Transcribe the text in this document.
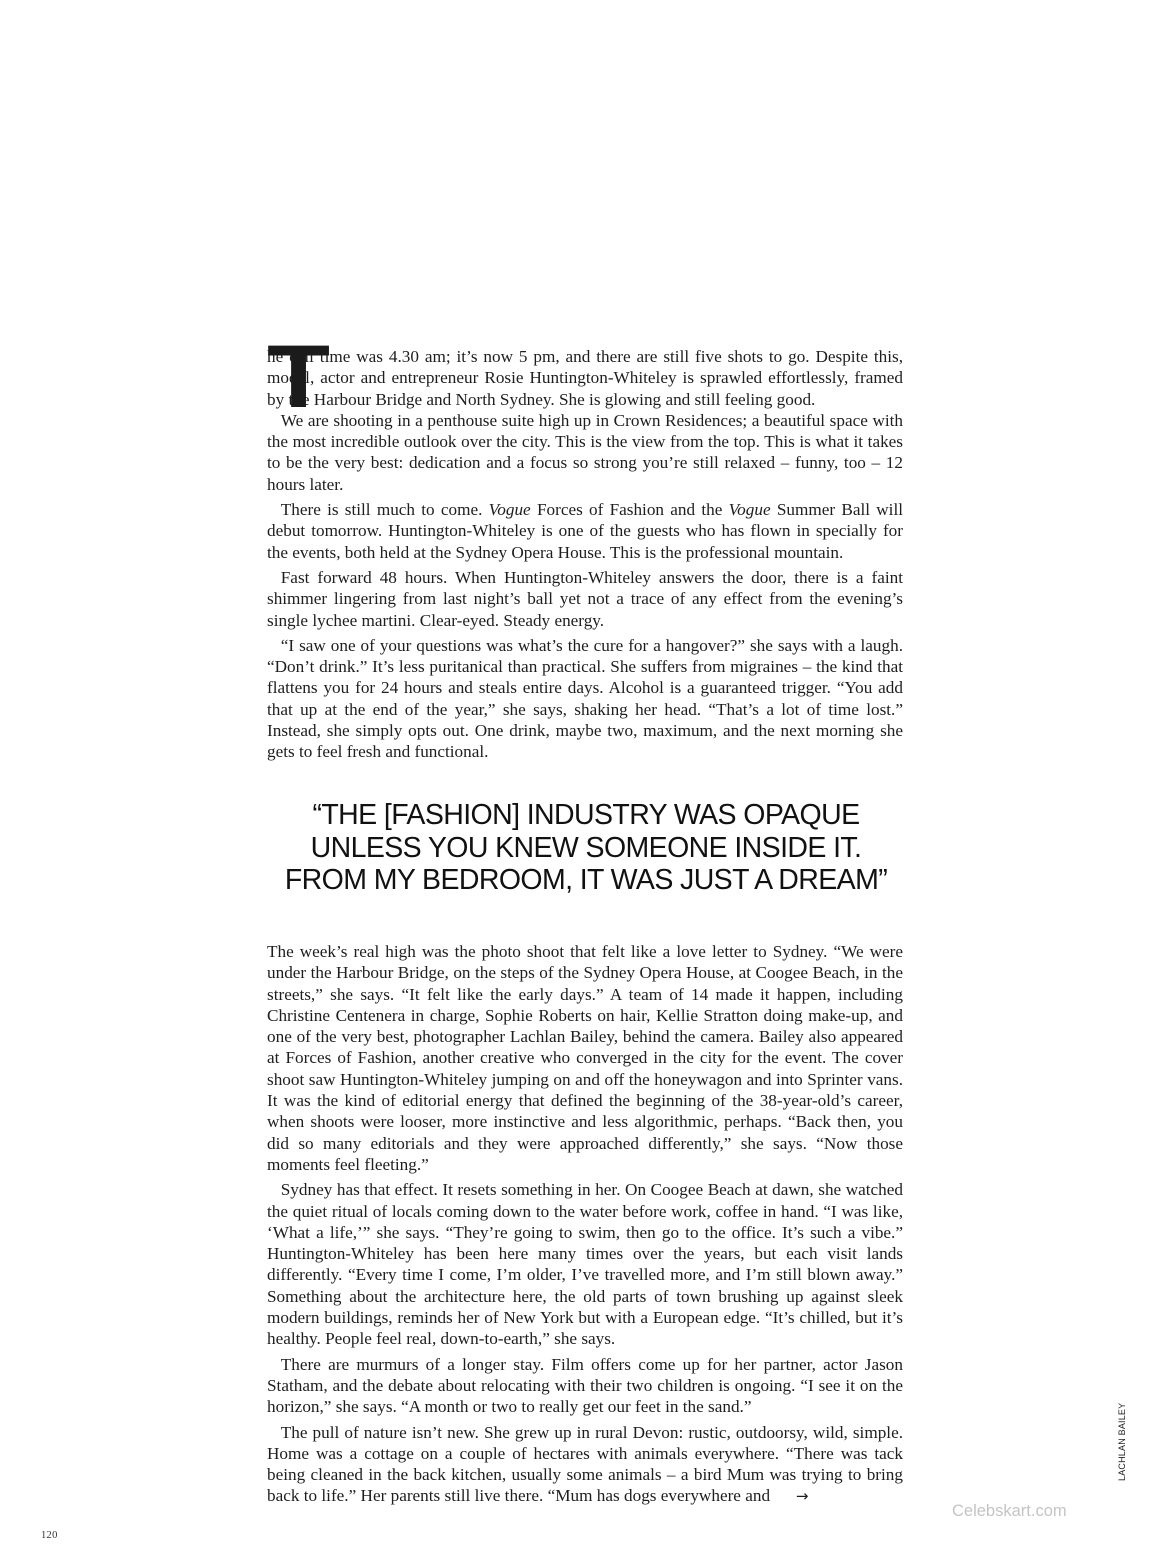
T

he call time was 4.30 am; it’s now 5 pm, and there are still five shots to go. Despite this, model, actor and entrepreneur Rosie Huntington-Whiteley is sprawled effortlessly, framed by the Harbour Bridge and North Sydney. She is glowing and still feeling good.

We are shooting in a penthouse suite high up in Crown Residences; a beautiful space with the most incredible outlook over the city. This is the view from the top. This is what it takes to be the very best: dedication and a focus so strong you’re still relaxed – funny, too – 12 hours later.

There is still much to come. Vogue Forces of Fashion and the Vogue Summer Ball will debut tomorrow. Huntington-Whiteley is one of the guests who has flown in specially for the events, both held at the Sydney Opera House. This is the professional mountain.

Fast forward 48 hours. When Huntington-Whiteley answers the door, there is a faint shimmer lingering from last night’s ball yet not a trace of any effect from the evening’s single lychee martini. Clear-eyed. Steady energy.

“I saw one of your questions was what’s the cure for a hangover?” she says with a laugh. “Don’t drink.” It’s less puritanical than practical. She suffers from migraines – the kind that flattens you for 24 hours and steals entire days. Alcohol is a guaranteed trigger. “You add that up at the end of the year,” she says, shaking her head. “That’s a lot of time lost.” Instead, she simply opts out. One drink, maybe two, maximum, and the next morning she gets to feel fresh and functional.

“THE [FASHION] INDUSTRY WAS OPAQUE
UNLESS YOU KNEW SOMEONE INSIDE IT.
FROM MY BEDROOM, IT WAS JUST A DREAM”

The week’s real high was the photo shoot that felt like a love letter to Sydney. “We were under the Harbour Bridge, on the steps of the Sydney Opera House, at Coogee Beach, in the streets,” she says. “It felt like the early days.” A team of 14 made it happen, including Christine Centenera in charge, Sophie Roberts on hair, Kellie Stratton doing make-up, and one of the very best, photographer Lachlan Bailey, behind the camera. Bailey also appeared at Forces of Fashion, another creative who converged in the city for the event. The cover shoot saw Huntington-Whiteley jumping on and off the honeywagon and into Sprinter vans. It was the kind of editorial energy that defined the beginning of the 38-year-old’s career, when shoots were looser, more instinctive and less algorithmic, perhaps. “Back then, you did so many editorials and they were approached differently,” she says. “Now those moments feel fleeting.”

Sydney has that effect. It resets something in her. On Coogee Beach at dawn, she watched the quiet ritual of locals coming down to the water before work, coffee in hand. “I was like, ‘What a life,’” she says. “They’re going to swim, then go to the office. It’s such a vibe.” Huntington-Whiteley has been here many times over the years, but each visit lands differently. “Every time I come, I’m older, I’ve travelled more, and I’m still blown away.” Something about the architecture here, the old parts of town brushing up against sleek modern buildings, reminds her of New York but with a European edge. “It’s chilled, but it’s healthy. People feel real, down-to-earth,” she says.

There are murmurs of a longer stay. Film offers come up for her partner, actor Jason Statham, and the debate about relocating with their two children is ongoing. “I see it on the horizon,” she says. “A month or two to really get our feet in the sand.”

The pull of nature isn’t new. She grew up in rural Devon: rustic, outdoorsy, wild, simple. Home was a cottage on a couple of hectares with animals everywhere. “There was tack being cleaned in the back kitchen, usually some animals – a bird Mum was trying to bring back to life.” Her parents still live there. “Mum has dogs everywhere and →

LACHLAN BAILEY
120
Celebskart.com
